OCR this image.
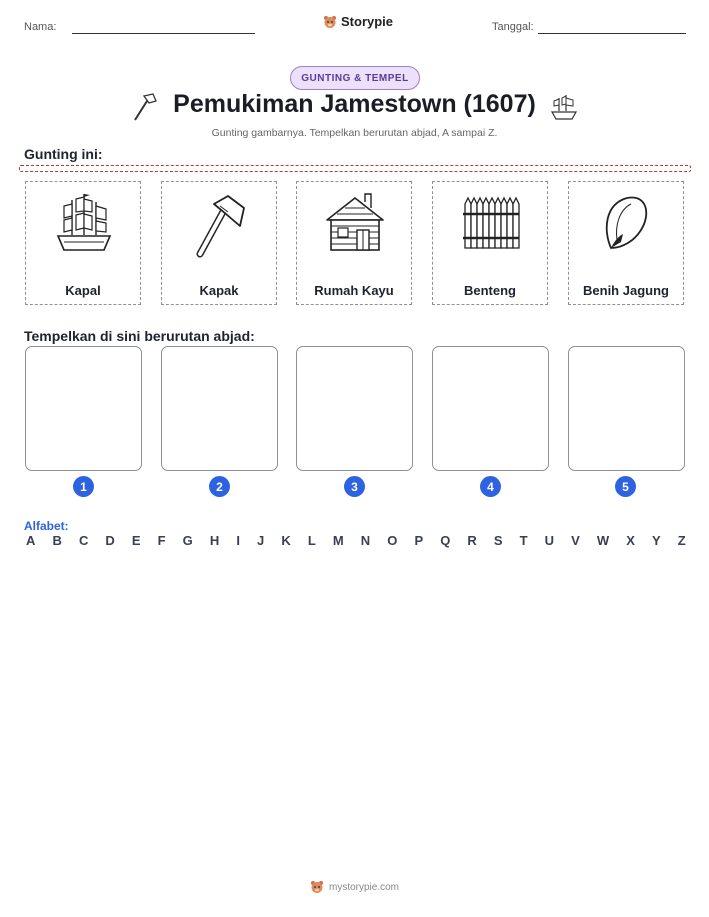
Nama:	Storypie	Tanggal:
GUNTING & TEMPEL
Pemukiman Jamestown (1607)
Gunting gambarnya. Tempelkan berurutan abjad, A sampai Z.
Gunting ini:
Kapal	Kapak	Rumah Kayu	Benteng	Benih Jagung
Tempelkan di sini berurutan abjad:
1	2	3	4	5
Alfabet:
A B C D E F G H I J K L M N O P Q R S T U V W X Y Z
mystorypie.com
